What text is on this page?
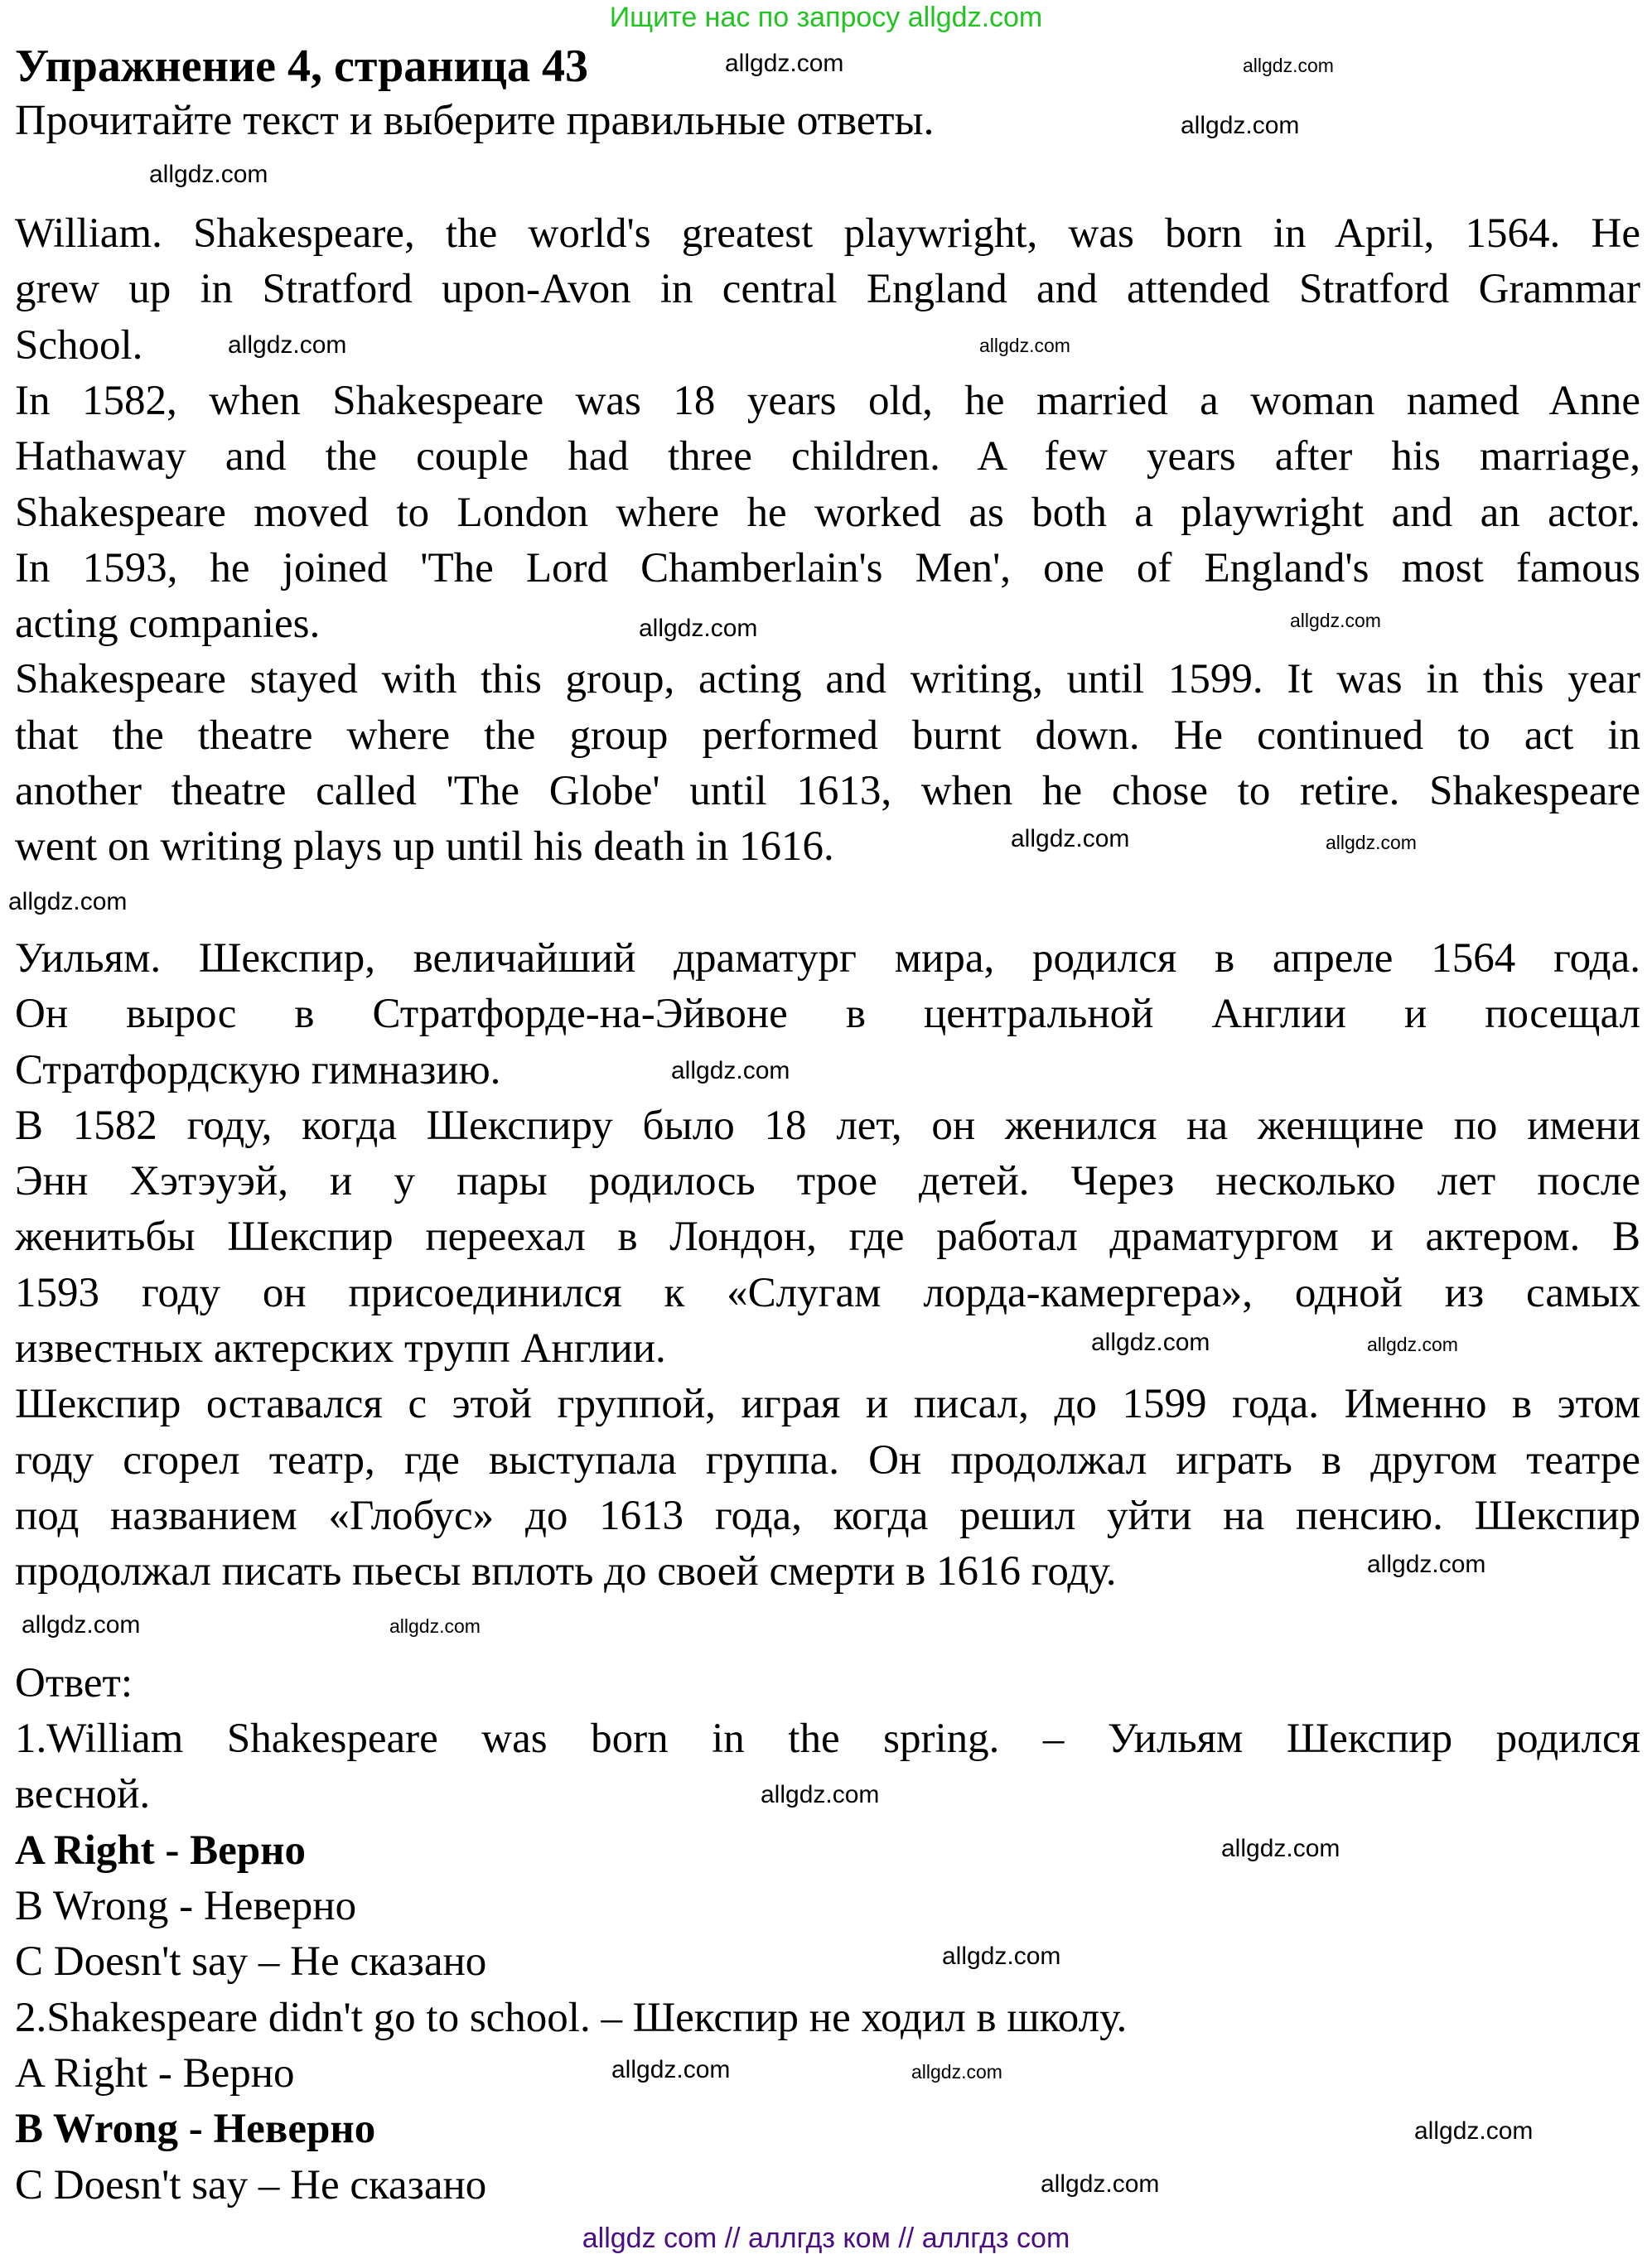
Ищите нас по запросу allgdz.com
Упражнение 4, страница 43
Прочитайте текст и выберите правильные ответы.
William. Shakespeare, the world's greatest playwright, was born in April, 1564. He
grew up in Stratford upon-Avon in central England and attended Stratford Grammar
School.
In 1582, when Shakespeare was 18 years old, he married a woman named Anne
Hathaway and the couple had three children. A few years after his marriage,
Shakespeare moved to London where he worked as both a playwright and an actor.
In 1593, he joined 'The Lord Chamberlain's Men', one of England's most famous
acting companies.
Shakespeare stayed with this group, acting and writing, until 1599. It was in this year
that the theatre where the group performed burnt down. He continued to act in
another theatre called 'The Globe' until 1613, when he chose to retire. Shakespeare
went on writing plays up until his death in 1616.
Уильям. Шекспир, величайший драматург мира, родился в апреле 1564 года.
Он вырос в Стратфорде-на-Эйвоне в центральной Англии и посещал
Стратфордскую гимназию.
В 1582 году, когда Шекспиру было 18 лет, он женился на женщине по имени
Энн Хэтэуэй, и у пары родилось трое детей. Через несколько лет после
женитьбы Шекспир переехал в Лондон, где работал драматургом и актером. В
1593 году он присоединился к «Слугам лорда-камергера», одной из самых
известных актерских трупп Англии.
Шекспир оставался с этой группой, играя и писал, до 1599 года. Именно в этом
году сгорел театр, где выступала группа. Он продолжал играть в другом театре
под названием «Глобус» до 1613 года, когда решил уйти на пенсию. Шекспир
продолжал писать пьесы вплоть до своей смерти в 1616 году.
Ответ:
1.William Shakespeare was born in the spring. – Уильям Шекспир родился
весной.
A Right - Верно
B Wrong - Неверно
C Doesn't say – Не сказано
2.Shakespeare didn't go to school. – Шекспир не ходил в школу.
A Right - Верно
B Wrong - Неверно
C Doesn't say – Не сказано
allgdz.com	allgdz.com
allgdz.com
allgdz.com
allgdz.com	allgdz.com
allgdz.com
allgdz.com
allgdz.com	allgdz.com
allgdz.com
allgdz.com
allgdz.com	allgdz.com
allgdz.com
allgdz.com	allgdz.com
allgdz.com
allgdz.com
allgdz.com
allgdz.com
allgdz.com
allgdz.com
allgdz.com
allgdz com // аллгдз ком // аллгдз com
